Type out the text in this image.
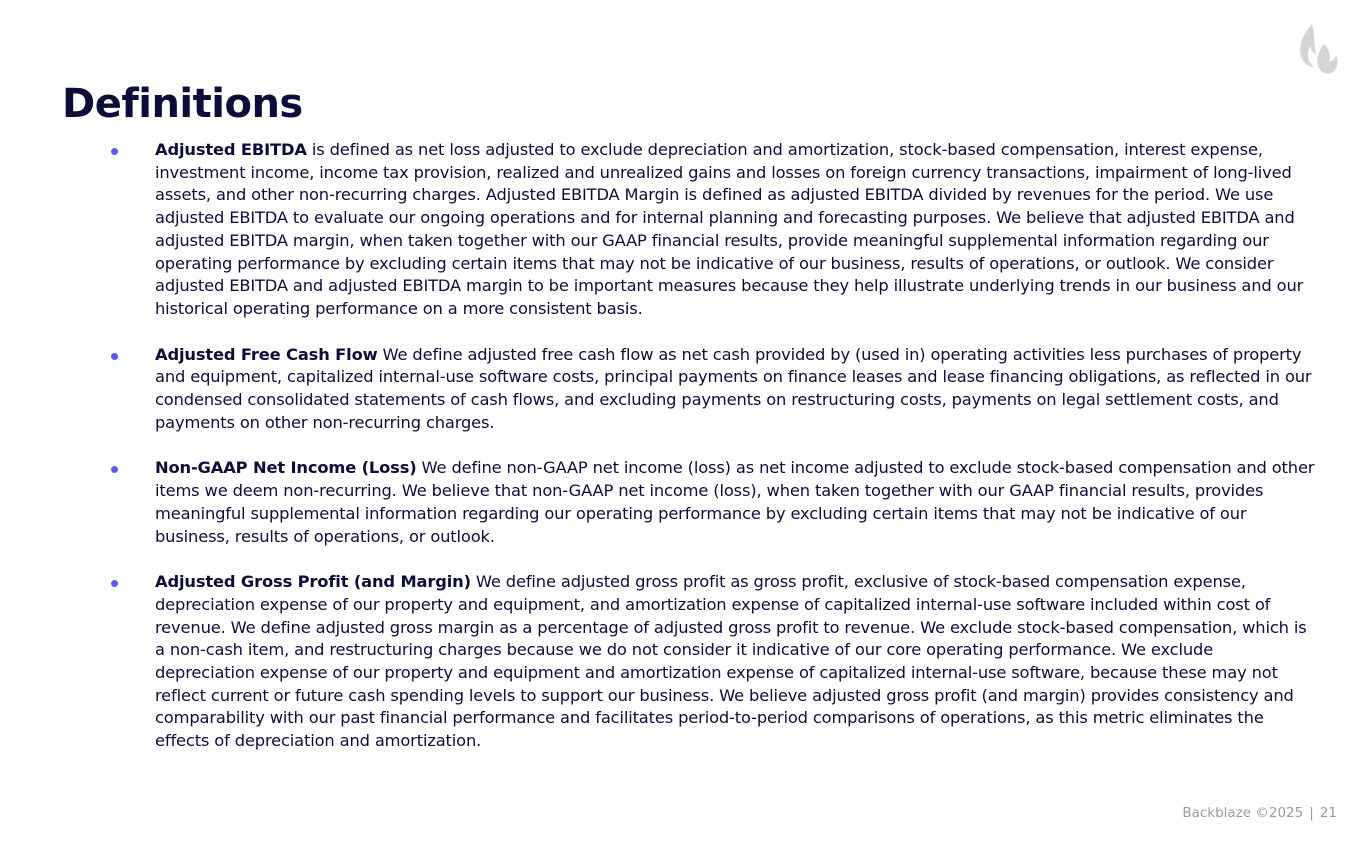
Definitions
Adjusted EBITDA is defined as net loss adjusted to exclude depreciation and amortization, stock-based compensation, interest expense, investment income, income tax provision, realized and unrealized gains and losses on foreign currency transactions, impairment of long-lived assets, and other non-recurring charges. Adjusted EBITDA Margin is defined as adjusted EBITDA divided by revenues for the period. We use adjusted EBITDA to evaluate our ongoing operations and for internal planning and forecasting purposes. We believe that adjusted EBITDA and adjusted EBITDA margin, when taken together with our GAAP financial results, provide meaningful supplemental information regarding our operating performance by excluding certain items that may not be indicative of our business, results of operations, or outlook. We consider adjusted EBITDA and adjusted EBITDA margin to be important measures because they help illustrate underlying trends in our business and our historical operating performance on a more consistent basis.
Adjusted Free Cash Flow We define adjusted free cash flow as net cash provided by (used in) operating activities less purchases of property and equipment, capitalized internal-use software costs, principal payments on finance leases and lease financing obligations, as reflected in our condensed consolidated statements of cash flows, and excluding payments on restructuring costs, payments on legal settlement costs, and payments on other non-recurring charges.
Non-GAAP Net Income (Loss) We define non-GAAP net income (loss) as net income adjusted to exclude stock-based compensation and other items we deem non-recurring. We believe that non-GAAP net income (loss), when taken together with our GAAP financial results, provides meaningful supplemental information regarding our operating performance by excluding certain items that may not be indicative of our business, results of operations, or outlook.
Adjusted Gross Profit (and Margin) We define adjusted gross profit as gross profit, exclusive of stock-based compensation expense, depreciation expense of our property and equipment, and amortization expense of capitalized internal-use software included within cost of revenue. We define adjusted gross margin as a percentage of adjusted gross profit to revenue. We exclude stock-based compensation, which is a non-cash item, and restructuring charges because we do not consider it indicative of our core operating performance. We exclude depreciation expense of our property and equipment and amortization expense of capitalized internal-use software, because these may not reflect current or future cash spending levels to support our business. We believe adjusted gross profit (and margin) provides consistency and comparability with our past financial performance and facilitates period-to-period comparisons of operations, as this metric eliminates the effects of depreciation and amortization.
Backblaze ©2025 | 21
